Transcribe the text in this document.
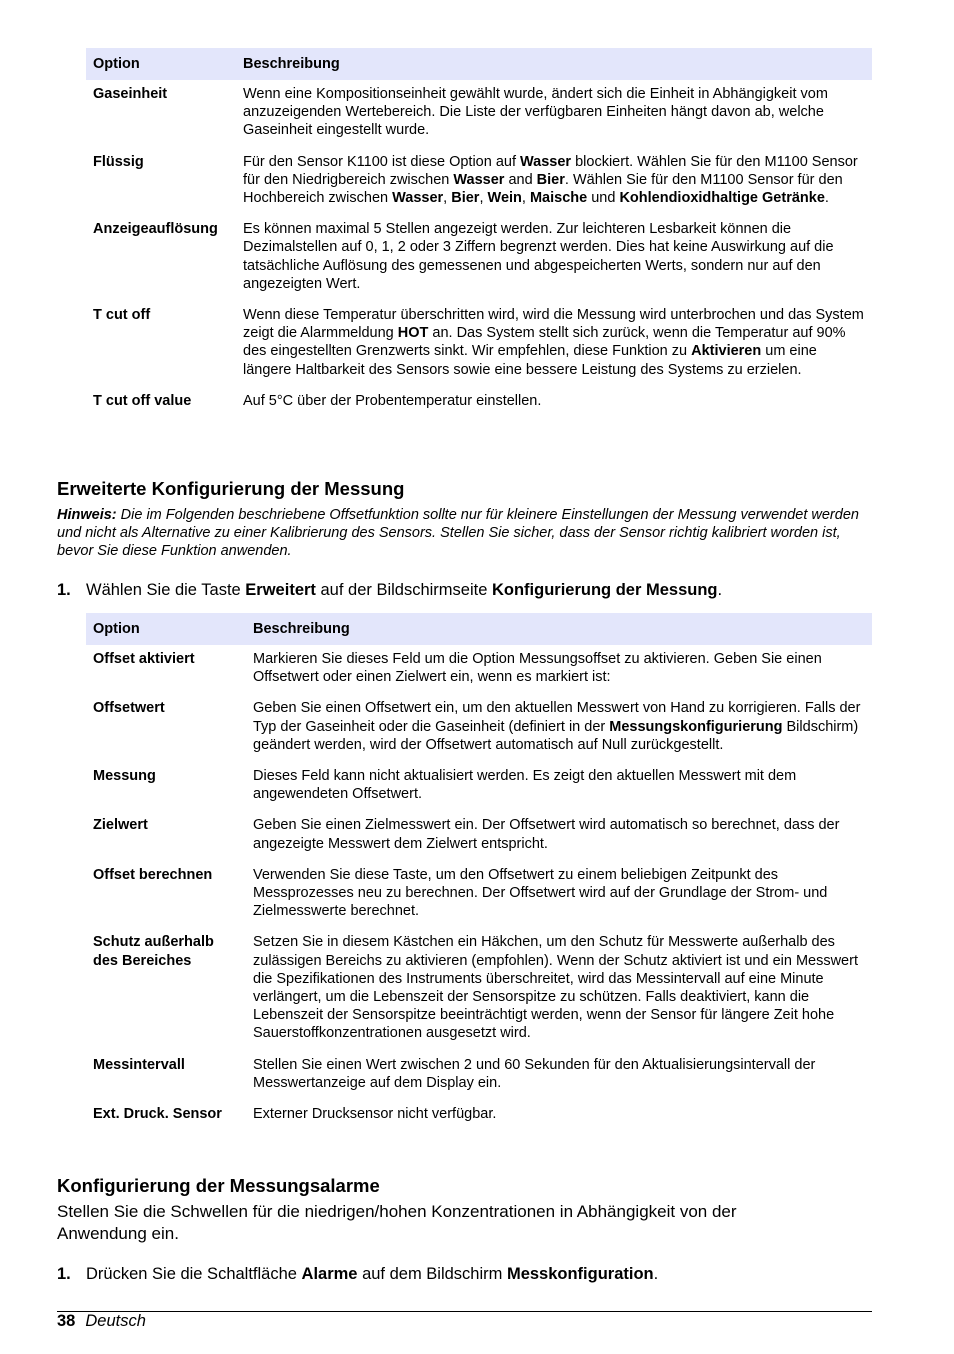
Option	Beschreibung
Gaseinheit	Wenn eine Kompositionseinheit gewählt wurde, ändert sich die Einheit in Abhängigkeit vom anzuzeigenden Wertebereich. Die Liste der verfügbaren Einheiten hängt davon ab, welche Gaseinheit eingestellt wurde.
Flüssig	Für den Sensor K1100 ist diese Option auf Wasser blockiert. Wählen Sie für den M1100 Sensor für den Niedrigbereich zwischen Wasser and Bier. Wählen Sie für den M1100 Sensor für den Hochbereich zwischen Wasser, Bier, Wein, Maische und Kohlendioxidhaltige Getränke.
Anzeigeauflösung	Es können maximal 5 Stellen angezeigt werden. Zur leichteren Lesbarkeit können die Dezimalstellen auf 0, 1, 2 oder 3 Ziffern begrenzt werden. Dies hat keine Auswirkung auf die tatsächliche Auflösung des gemessenen und abgespeicherten Werts, sondern nur auf den angezeigten Wert.
T cut off	Wenn diese Temperatur überschritten wird, wird die Messung wird unterbrochen und das System zeigt die Alarmmeldung HOT an. Das System stellt sich zurück, wenn die Temperatur auf 90% des eingestellten Grenzwerts sinkt. Wir empfehlen, diese Funktion zu Aktivieren um eine längere Haltbarkeit des Sensors sowie eine bessere Leistung des Systems zu erzielen.
T cut off value	Auf 5°C über der Probentemperatur einstellen.
Erweiterte Konfigurierung der Messung

Hinweis: Die im Folgenden beschriebene Offsetfunktion sollte nur für kleinere Einstellungen der Messung verwendet werden und nicht als Alternative zu einer Kalibrierung des Sensors. Stellen Sie sicher, dass der Sensor richtig kalibriert worden ist, bevor Sie diese Funktion anwenden.

1. Wählen Sie die Taste Erweitert auf der Bildschirmseite Konfigurierung der Messung.

Option	Beschreibung
Offset aktiviert	Markieren Sie dieses Feld um die Option Messungsoffset zu aktivieren. Geben Sie einen Offsetwert oder einen Zielwert ein, wenn es markiert ist:
Offsetwert	Geben Sie einen Offsetwert ein, um den aktuellen Messwert von Hand zu korrigieren. Falls der Typ der Gaseinheit oder die Gaseinheit (definiert in der Messungskonfigurierung Bildschirm) geändert werden, wird der Offsetwert automatisch auf Null zurückgestellt.
Messung	Dieses Feld kann nicht aktualisiert werden. Es zeigt den aktuellen Messwert mit dem angewendeten Offsetwert.
Zielwert	Geben Sie einen Zielmesswert ein. Der Offsetwert wird automatisch so berechnet, dass der angezeigte Messwert dem Zielwert entspricht.
Offset berechnen	Verwenden Sie diese Taste, um den Offsetwert zu einem beliebigen Zeitpunkt des Messprozesses neu zu berechnen. Der Offsetwert wird auf der Grundlage der Strom- und Zielmesswerte berechnet.
Schutz außerhalb des Bereiches	Setzen Sie in diesem Kästchen ein Häkchen, um den Schutz für Messwerte außerhalb des zulässigen Bereichs zu aktivieren (empfohlen). Wenn der Schutz aktiviert ist und ein Messwert die Spezifikationen des Instruments überschreitet, wird das Messintervall auf eine Minute verlängert, um die Lebenszeit der Sensorspitze zu schützen. Falls deaktiviert, kann die Lebenszeit der Sensorspitze beeinträchtigt werden, wenn der Sensor für längere Zeit hohe Sauerstoffkonzentrationen ausgesetzt wird.
Messintervall	Stellen Sie einen Wert zwischen 2 und 60 Sekunden für den Aktualisierungsintervall der Messwertanzeige auf dem Display ein.
Ext. Druck. Sensor	Externer Drucksensor nicht verfügbar.
Konfigurierung der Messungsalarme

Stellen Sie die Schwellen für die niedrigen/hohen Konzentrationen in Abhängigkeit von der Anwendung ein.

1. Drücken Sie die Schaltfläche Alarme auf dem Bildschirm Messkonfiguration.

38 Deutsch
